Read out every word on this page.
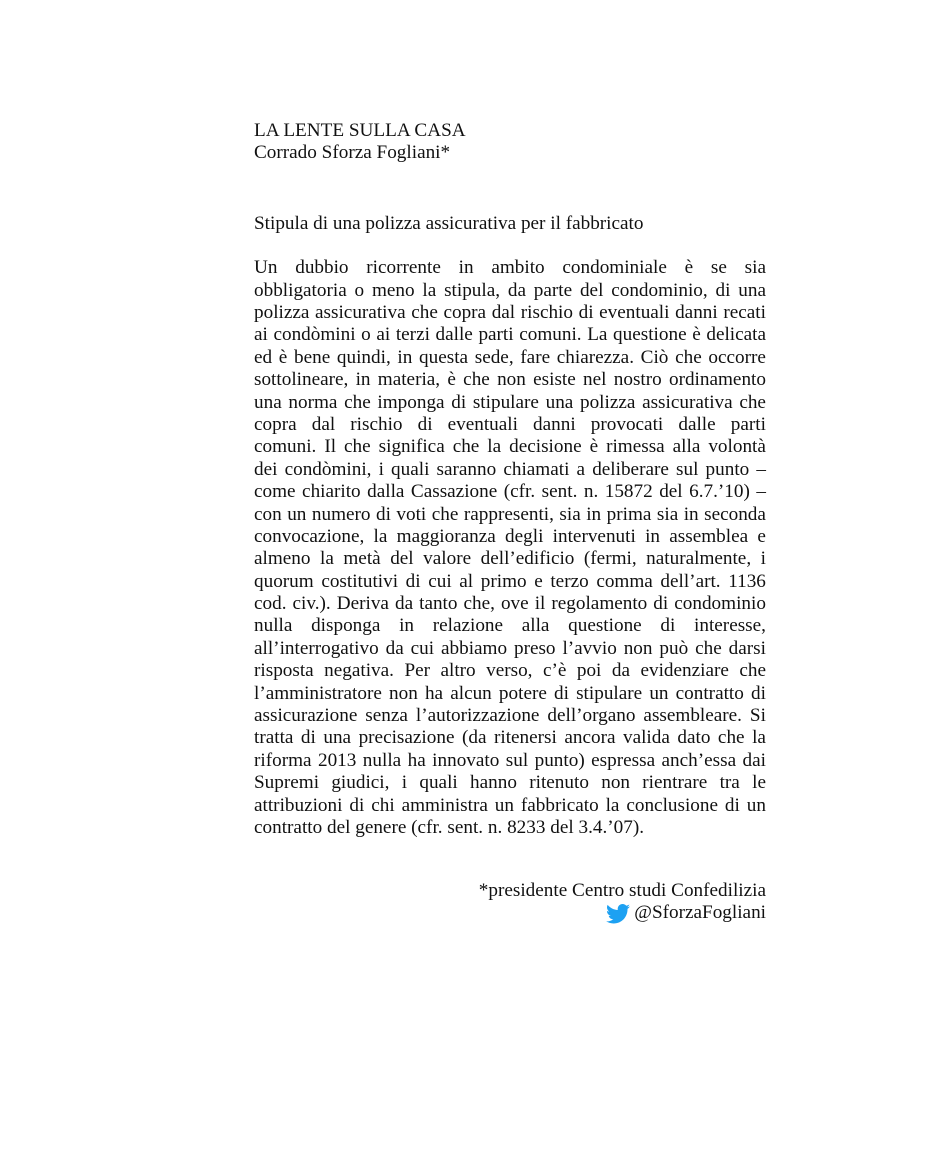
LA LENTE SULLA CASA
Corrado Sforza Fogliani*
Stipula di una polizza assicurativa per il fabbricato
Un dubbio ricorrente in ambito condominiale è se sia
obbligatoria o meno la stipula, da parte del condominio, di una
polizza assicurativa che copra dal rischio di eventuali danni recati
ai condòmini o ai terzi dalle parti comuni. La questione è delicata
ed è bene quindi, in questa sede, fare chiarezza. Ciò che occorre
sottolineare, in materia, è che non esiste nel nostro ordinamento
una norma che imponga di stipulare una polizza assicurativa che
copra dal rischio di eventuali danni provocati dalle parti
comuni. Il che significa che la decisione è rimessa alla volontà
dei condòmini, i quali saranno chiamati a deliberare sul punto –
come chiarito dalla Cassazione (cfr. sent. n. 15872 del 6.7.’10) –
con un numero di voti che rappresenti, sia in prima sia in seconda
convocazione, la maggioranza degli intervenuti in assemblea e
almeno la metà del valore dell’edificio (fermi, naturalmente, i
quorum costitutivi di cui al primo e terzo comma dell’art. 1136
cod. civ.). Deriva da tanto che, ove il regolamento di condominio
nulla disponga in relazione alla questione di interesse,
all’interrogativo da cui abbiamo preso l’avvio non può che darsi
risposta negativa. Per altro verso, c’è poi da evidenziare che
l’amministratore non ha alcun potere di stipulare un contratto di
assicurazione senza l’autorizzazione dell’organo assembleare. Si
tratta di una precisazione (da ritenersi ancora valida dato che la
riforma 2013 nulla ha innovato sul punto) espressa anch’essa dai
Supremi giudici, i quali hanno ritenuto non rientrare tra le
attribuzioni di chi amministra un fabbricato la conclusione di un
contratto del genere (cfr. sent. n. 8233 del 3.4.’07).
*presidente Centro studi Confedilizia
@SforzaFogliani
